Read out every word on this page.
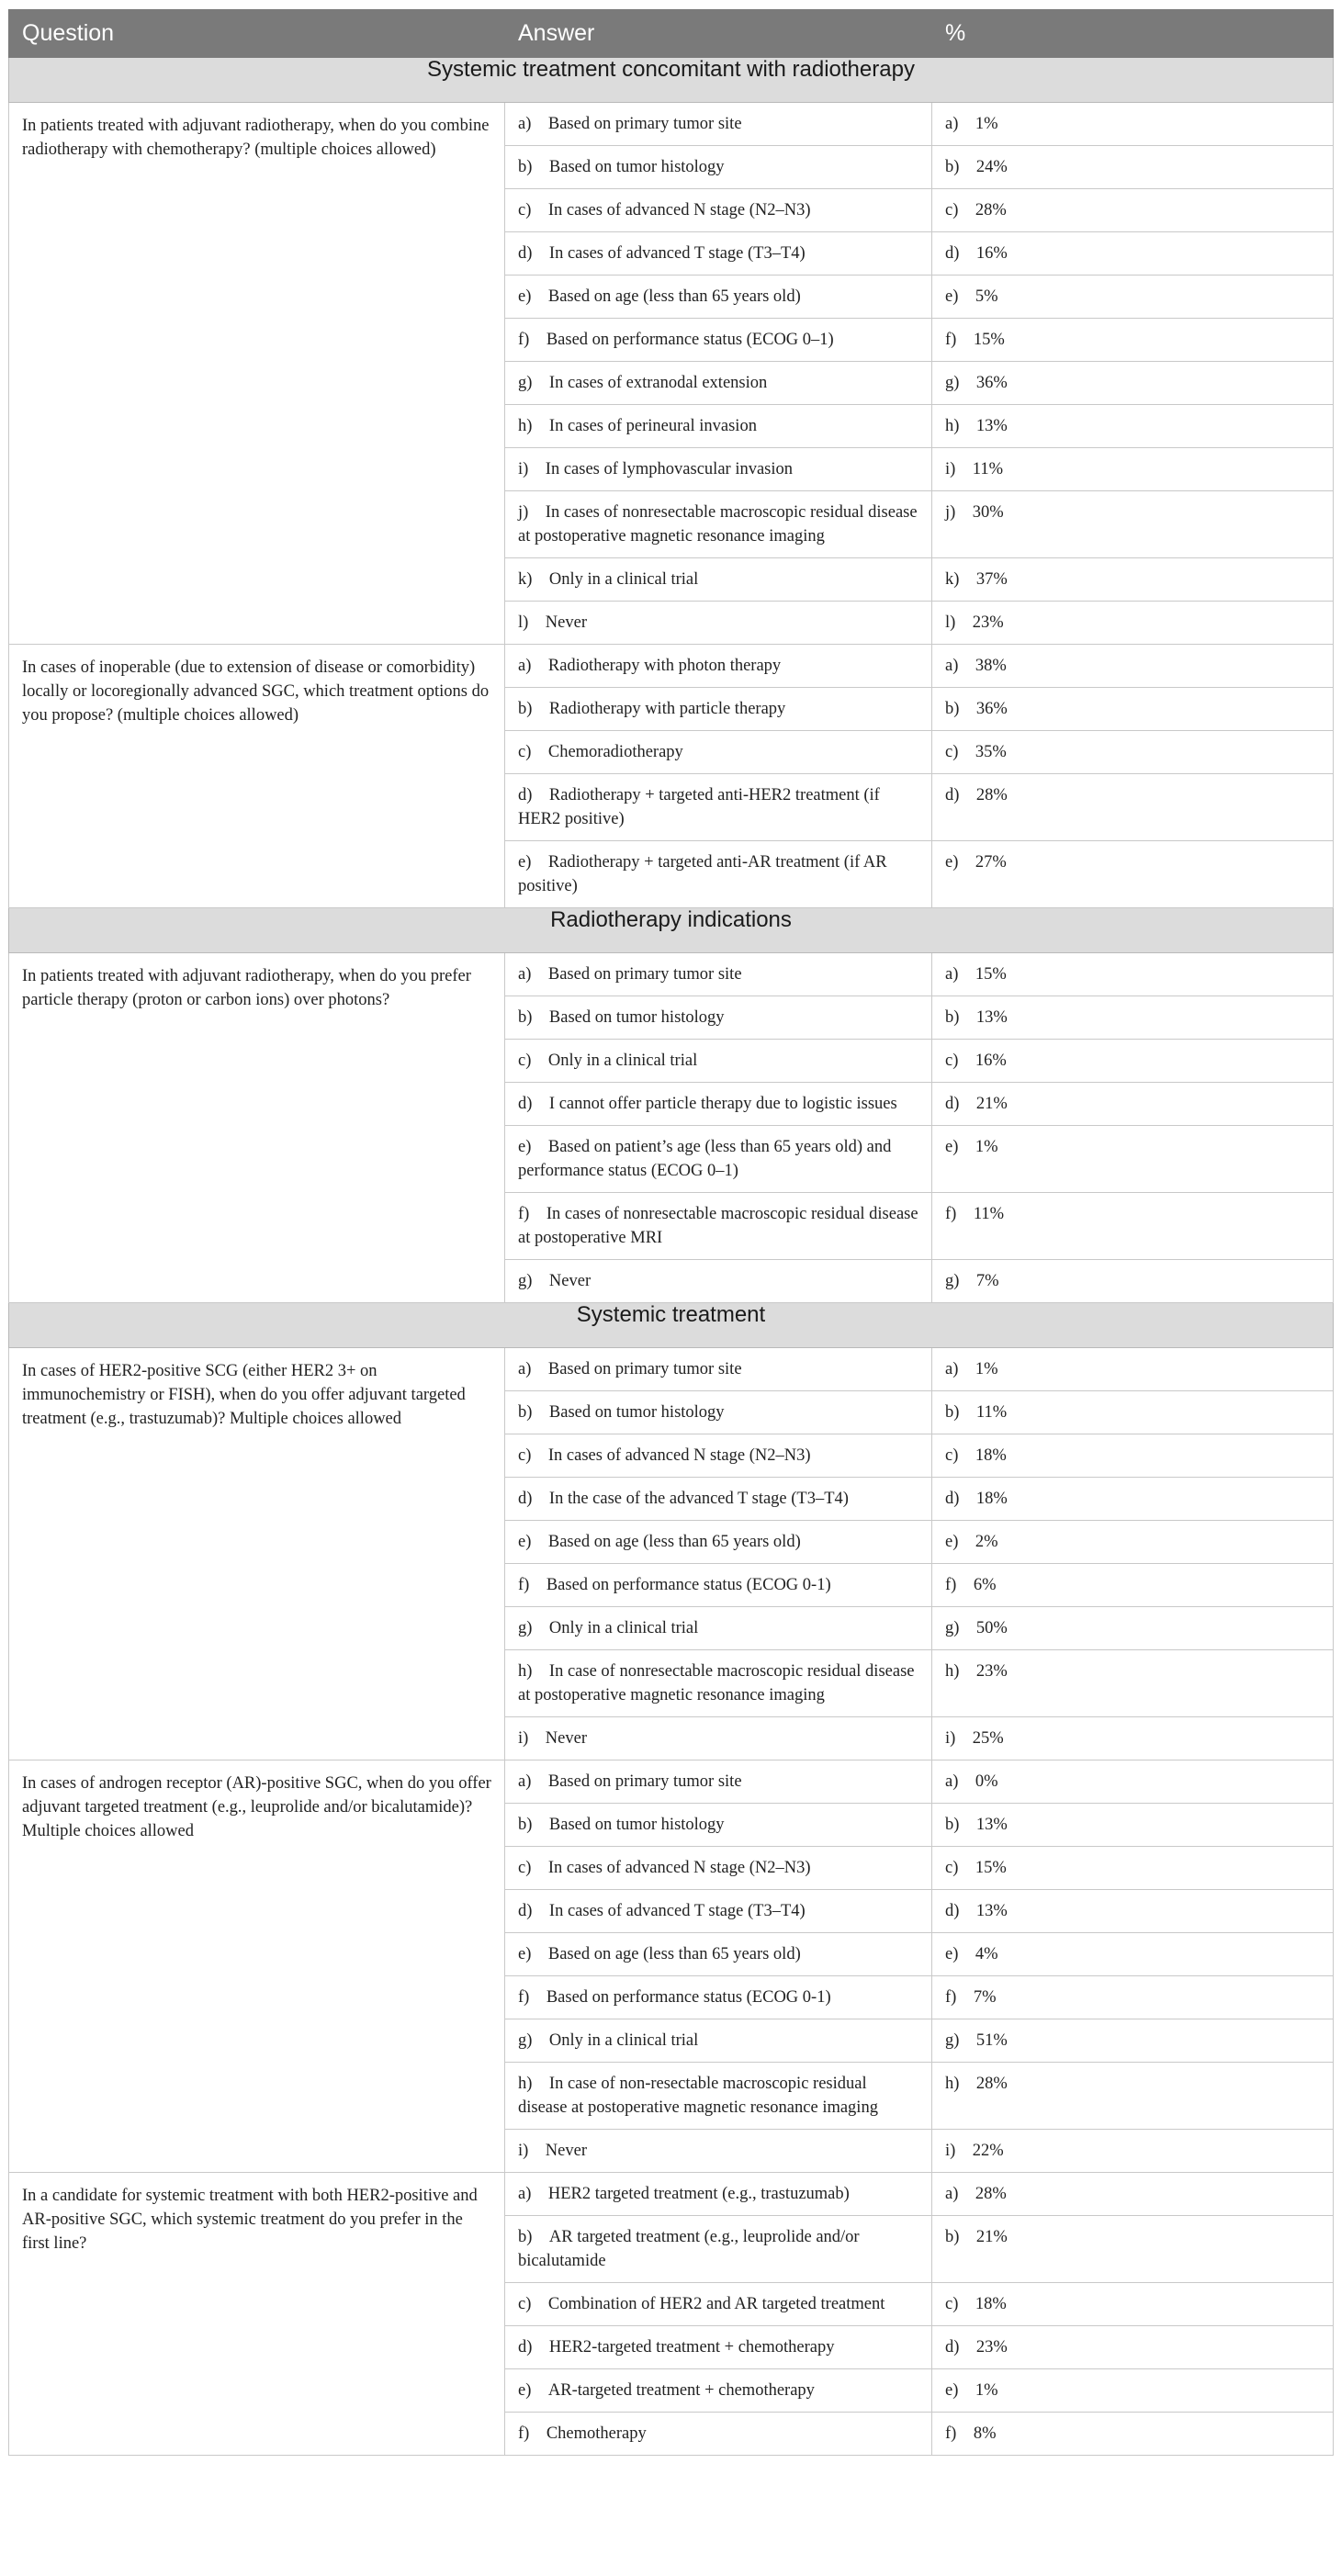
Question	Answer	%
Systemic treatment concomitant with radiotherapy		
In patients treated with adjuvant radiotherapy, when do you combine radiotherapy with chemotherapy? (multiple choices allowed)	a) Based on primary tumor site	a) 1%
	b) Based on tumor histology	b) 24%
	c) In cases of advanced N stage (N2–N3)	c) 28%
	d) In cases of advanced T stage (T3–T4)	d) 16%
	e) Based on age (less than 65 years old)	e) 5%
	f) Based on performance status (ECOG 0–1)	f) 15%
	g) In cases of extranodal extension	g) 36%
	h) In cases of perineural invasion	h) 13%
	i) In cases of lymphovascular invasion	i) 11%
	j) In cases of nonresectable macroscopic residual disease at postoperative magnetic resonance imaging	j) 30%
	k) Only in a clinical trial	k) 37%
	l) Never	l) 23%
In cases of inoperable (due to extension of disease or comorbidity) locally or locoregionally advanced SGC, which treatment options do you propose? (multiple choices allowed)	a) Radiotherapy with photon therapy	a) 38%
	b) Radiotherapy with particle therapy	b) 36%
	c) Chemoradiotherapy	c) 35%
	d) Radiotherapy + targeted anti-HER2 treatment (if HER2 positive)	d) 28%
	e) Radiotherapy + targeted anti-AR treatment (if AR positive)	e) 27%
Radiotherapy indications		
In patients treated with adjuvant radiotherapy, when do you prefer particle therapy (proton or carbon ions) over photons?	a) Based on primary tumor site	a) 15%
	b) Based on tumor histology	b) 13%
	c) Only in a clinical trial	c) 16%
	d) I cannot offer particle therapy due to logistic issues	d) 21%
	e) Based on patient’s age (less than 65 years old) and performance status (ECOG 0–1)	e) 1%
	f) In cases of nonresectable macroscopic residual disease at postoperative MRI	f) 11%
	g) Never	g) 7%
Systemic treatment		
In cases of HER2-positive SCG (either HER2 3+ on immunochemistry or FISH), when do you offer adjuvant targeted treatment (e.g., trastuzumab)? Multiple choices allowed	a) Based on primary tumor site	a) 1%
	b) Based on tumor histology	b) 11%
	c) In cases of advanced N stage (N2–N3)	c) 18%
	d) In the case of the advanced T stage (T3–T4)	d) 18%
	e) Based on age (less than 65 years old)	e) 2%
	f) Based on performance status (ECOG 0-1)	f) 6%
	g) Only in a clinical trial	g) 50%
	h) In case of nonresectable macroscopic residual disease at postoperative magnetic resonance imaging	h) 23%
	i) Never	i) 25%
In cases of androgen receptor (AR)-positive SGC, when do you offer adjuvant targeted treatment (e.g., leuprolide and/or bicalutamide)? Multiple choices allowed	a) Based on primary tumor site	a) 0%
	b) Based on tumor histology	b) 13%
	c) In cases of advanced N stage (N2–N3)	c) 15%
	d) In cases of advanced T stage (T3–T4)	d) 13%
	e) Based on age (less than 65 years old)	e) 4%
	f) Based on performance status (ECOG 0-1)	f) 7%
	g) Only in a clinical trial	g) 51%
	h) In case of non-resectable macroscopic residual disease at postoperative magnetic resonance imaging	h) 28%
	i) Never	i) 22%
In a candidate for systemic treatment with both HER2-positive and AR-positive SGC, which systemic treatment do you prefer in the first line?	a) HER2 targeted treatment (e.g., trastuzumab)	a) 28%
	b) AR targeted treatment (e.g., leuprolide and/or bicalutamide	b) 21%
	c) Combination of HER2 and AR targeted treatment	c) 18%
	d) HER2-targeted treatment + chemotherapy	d) 23%
	e) AR-targeted treatment + chemotherapy	e) 1%
	f) Chemotherapy	f) 8%
